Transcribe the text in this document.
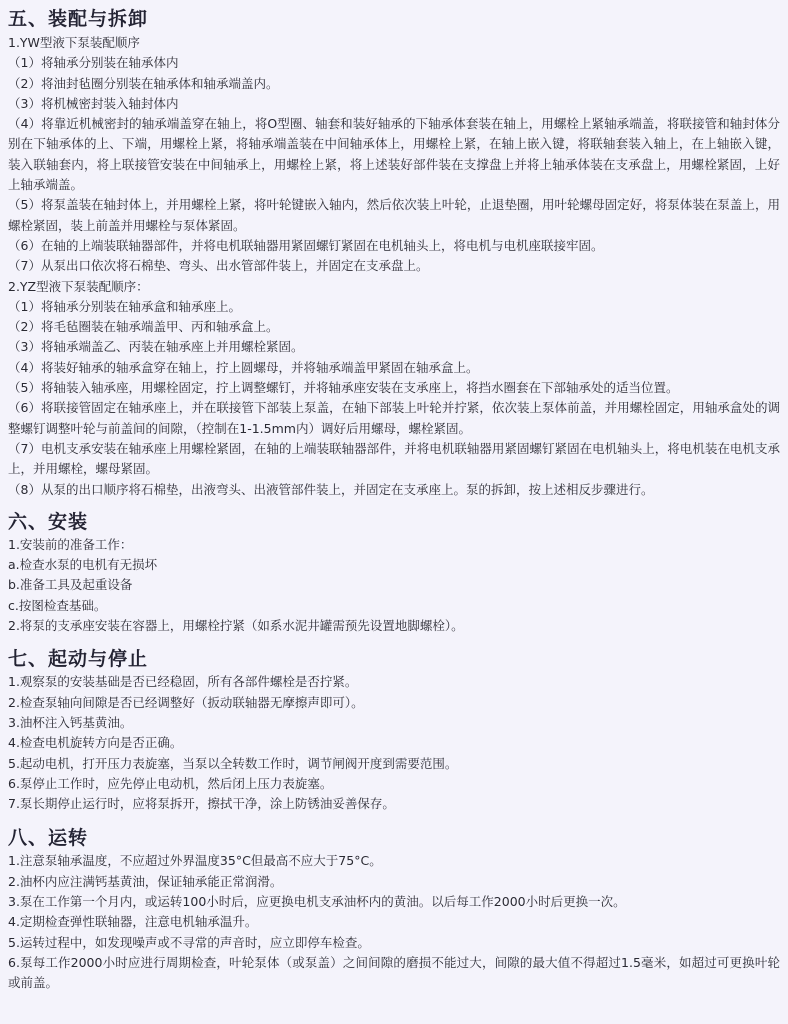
五、装配与拆卸

1.YW型液下泵装配顺序

（1）将轴承分别装在轴承体内

（2）将油封毡圈分别装在轴承体和轴承端盖内。

（3）将机械密封装入轴封体内

（4）将靠近机械密封的轴承端盖穿在轴上，将O型圈、轴套和装好轴承的下轴承体套装在轴上，用螺栓上紧轴承端盖，将联接管和轴封体分别在下轴承体的上、下端，用螺栓上紧，将轴承端盖装在中间轴承体上，用螺栓上紧，在轴上嵌入键，将联轴套装入轴上，在上轴嵌入键，装入联轴套内，将上联接管安装在中间轴承上，用螺栓上紧，将上述装好部件装在支撑盘上并将上轴承体装在支承盘上，用螺栓紧固，上好上轴承端盖。

（5）将泵盖装在轴封体上，并用螺栓上紧，将叶轮键嵌入轴内，然后依次装上叶轮，止退垫圈，用叶轮螺母固定好，将泵体装在泵盖上，用螺栓紧固，装上前盖并用螺栓与泵体紧固。

（6）在轴的上端装联轴器部件，并将电机联轴器用紧固螺钉紧固在电机轴头上，将电机与电机座联接牢固。

（7）从泵出口依次将石棉垫、弯头、出水管部件装上，并固定在支承盘上。

2.YZ型液下泵装配顺序：

（1）将轴承分别装在轴承盒和轴承座上。

（2）将毛毡圈装在轴承端盖甲、丙和轴承盒上。

（3）将轴承端盖乙、丙装在轴承座上并用螺栓紧固。

（4）将装好轴承的轴承盒穿在轴上，拧上圆螺母，并将轴承端盖甲紧固在轴承盒上。

（5）将轴装入轴承座，用螺栓固定，拧上调整螺钉，并将轴承座安装在支承座上，将挡水圈套在下部轴承处的适当位置。

（6）将联接管固定在轴承座上，并在联接管下部装上泵盖，在轴下部装上叶轮并拧紧，依次装上泵体前盖，并用螺栓固定，用轴承盒处的调整螺钉调整叶轮与前盖间的间隙，（控制在1-1.5mm内）调好后用螺母，螺栓紧固。

（7）电机支承安装在轴承座上用螺栓紧固，在轴的上端装联轴器部件，并将电机联轴器用紧固螺钉紧固在电机轴头上，将电机装在电机支承上，并用螺栓，螺母紧固。

（8）从泵的出口顺序将石棉垫，出液弯头、出液管部件装上，并固定在支承座上。泵的拆卸，按上述相反步骤进行。

六、安装

1.安装前的准备工作：

a.检查水泵的电机有无损坏

b.准备工具及起重设备

c.按图检查基础。

2.将泵的支承座安装在容器上，用螺栓拧紧（如系水泥井罐需预先设置地脚螺栓）。

七、起动与停止

1.观察泵的安装基础是否已经稳固，所有各部件螺栓是否拧紧。

2.检查泵轴向间隙是否已经调整好（扳动联轴器无摩擦声即可）。

3.油杯注入钙基黄油。

4.检查电机旋转方向是否正确。

5.起动电机，打开压力表旋塞，当泵以全转数工作时，调节闸阀开度到需要范围。

6.泵停止工作时，应先停止电动机，然后闭上压力表旋塞。

7.泵长期停止运行时，应将泵拆开，擦拭干净，涂上防锈油妥善保存。

八、运转

1.注意泵轴承温度，不应超过外界温度35°C但最高不应大于75°C。

2.油杯内应注满钙基黄油，保证轴承能正常润滑。

3.泵在工作第一个月内，或运转100小时后，应更换电机支承油杯内的黄油。以后每工作2000小时后更换一次。

4.定期检查弹性联轴器，注意电机轴承温升。

5.运转过程中，如发现噪声或不寻常的声音时，应立即停车检查。

6.泵每工作2000小时应进行周期检查，叶轮泵体（或泵盖）之间间隙的磨损不能过大，间隙的最大值不得超过1.5毫米，如超过可更换叶轮或前盖。
